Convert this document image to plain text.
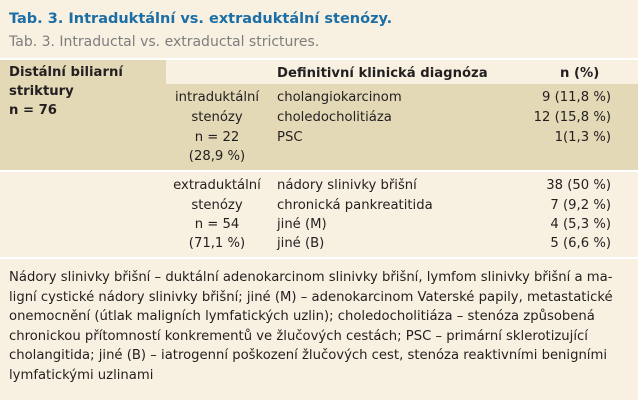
Tab. 3. Intraduktální vs. extraduktální stenózy.
Tab. 3. Intraductal vs. extraductal strictures.
Distální biliarní
striktury
n = 76
Definitivní klinická diagnóza	n (%)
intraduktální
stenózy
n = 22
(28,9 %)
cholangiokarcinom	9 (11,8 %)
choledocholitiáza	12 (15,8 %)
PSC	1(1,3 %)
extraduktální
stenózy
n = 54
(71,1 %)
nádory slinivky břišní	38 (50 %)
chronická pankreatitida	7 (9,2 %)
jiné (M)	4 (5,3 %)
jiné (B)	5 (6,6 %)
Nádory slinivky břišní – duktální adenokarcinom slinivky břišní, lymfom slinivky břišní a ma-
ligní cystické nádory slinivky břišní; jiné (M) – adenokarcinom Vaterské papily, metastatické
onemocnění (útlak maligních lymfatických uzlin); choledocholitiáza – stenóza způsobená
chronickou přítomností konkrementů ve žlučových cestách; PSC – primární sklerotizující
cholangitida; jiné (B) – iatrogenní poškození žlučových cest, stenóza reaktivními benigními
lymfatickými uzlinami
